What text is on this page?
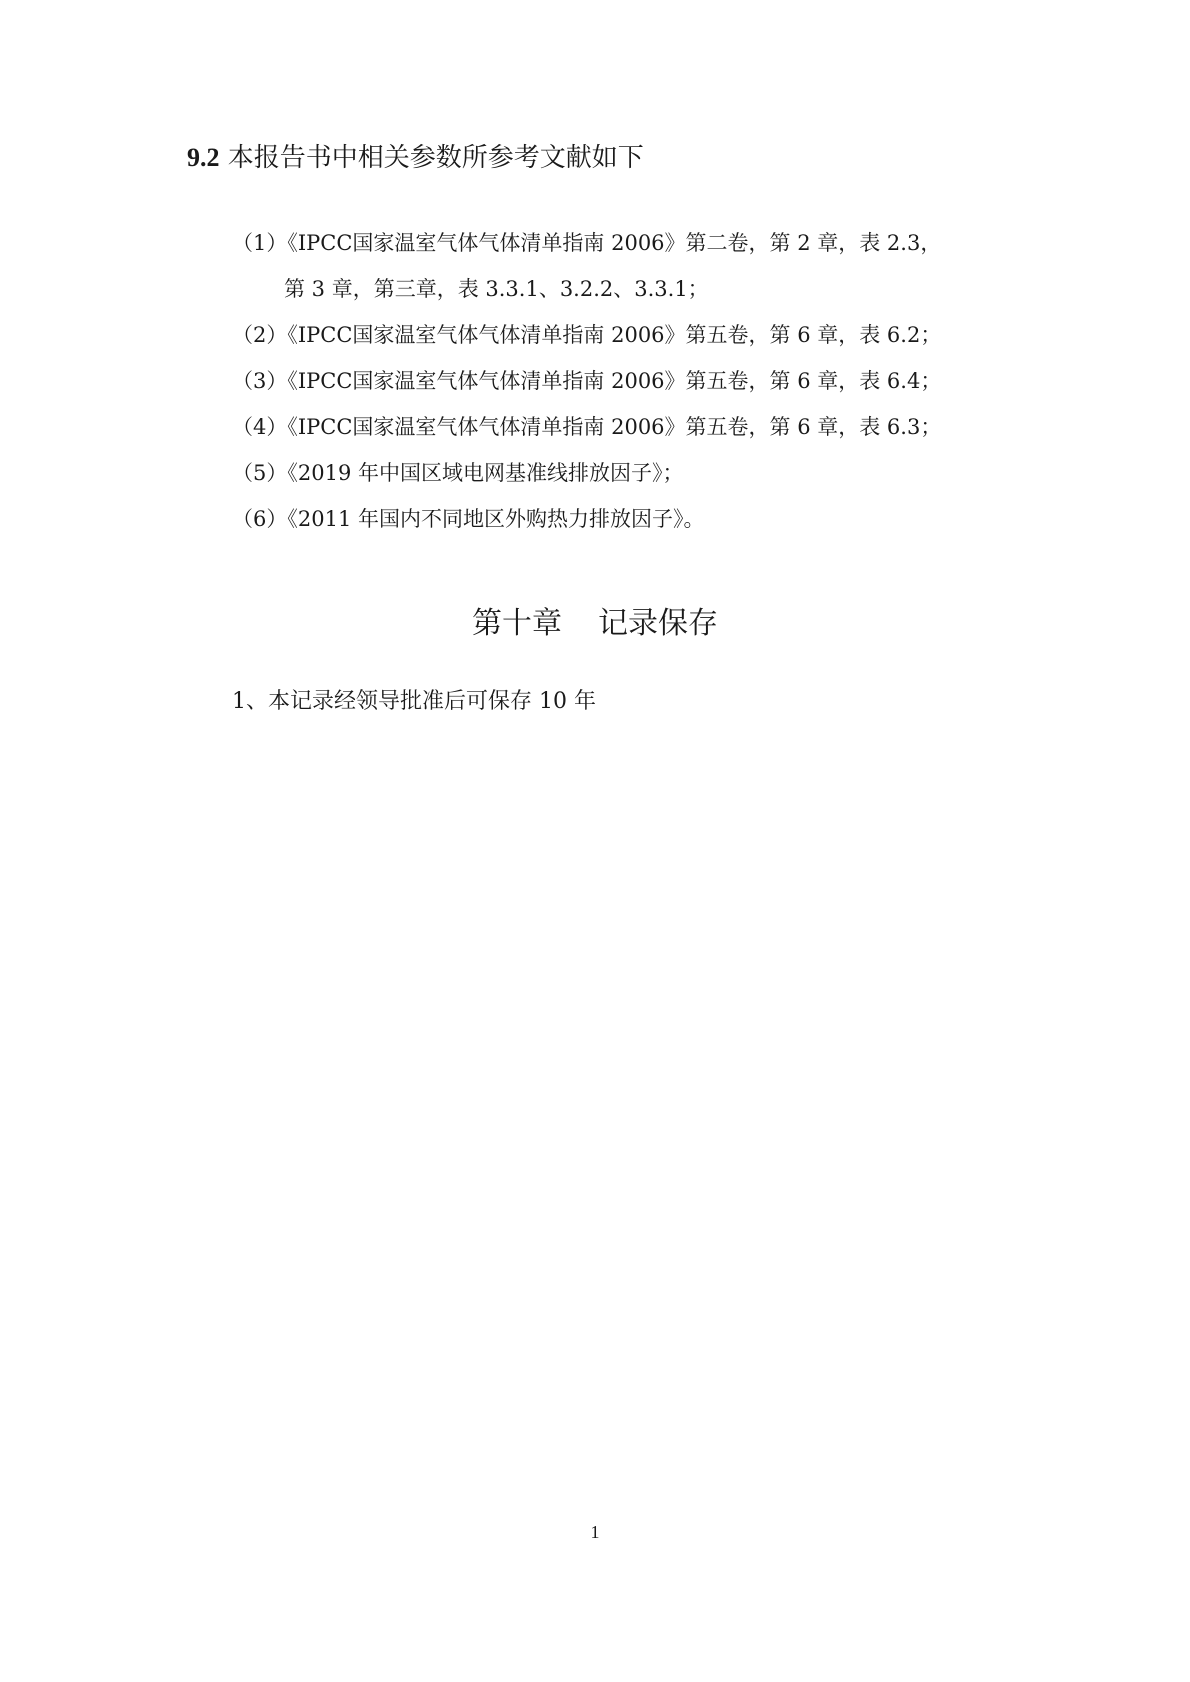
9.2 本报告书中相关参数所参考文献如下
（1）《IPCC国家温室气体气体清单指南 2006》第二卷，第 2 章，表 2.3，
第 3 章，第三章，表 3.3.1、3.2.2、3.3.1；
（2）《IPCC国家温室气体气体清单指南 2006》第五卷，第 6 章，表 6.2；
（3）《IPCC国家温室气体气体清单指南 2006》第五卷，第 6 章，表 6.4；
（4）《IPCC国家温室气体气体清单指南 2006》第五卷，第 6 章，表 6.3；
（5）《2019 年中国区域电网基准线排放因子》；
（6）《2011 年国内不同地区外购热力排放因子》。
第十章 记录保存
1、本记录经领导批准后可保存 10 年
1
